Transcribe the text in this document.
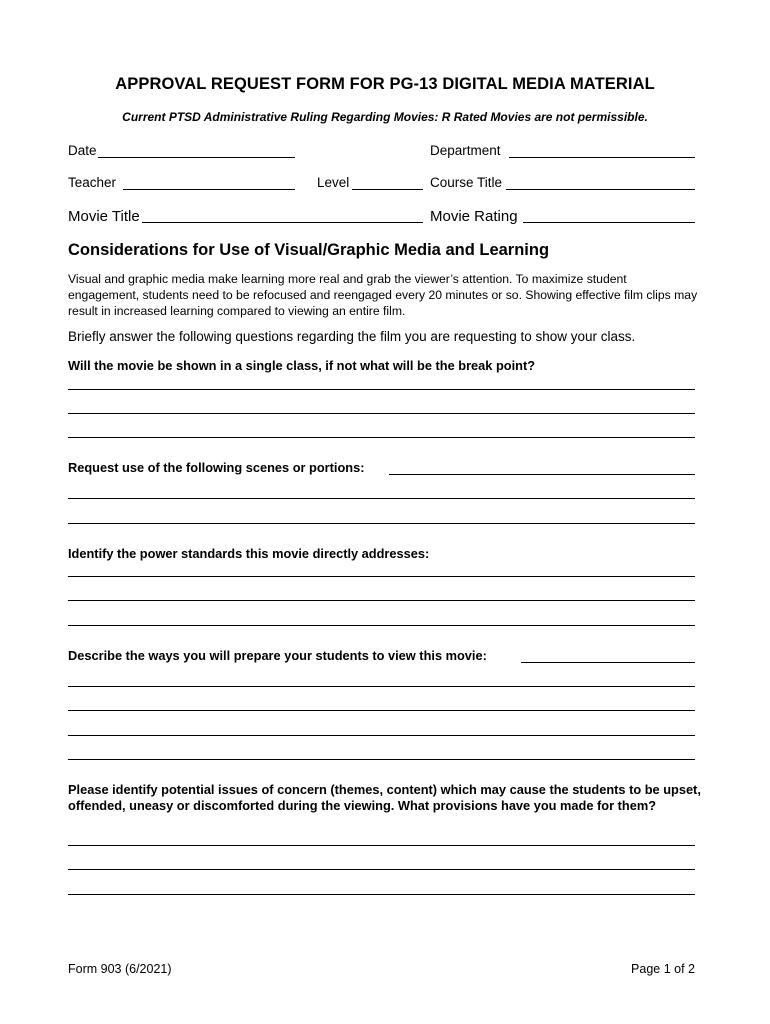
APPROVAL REQUEST FORM FOR PG-13 DIGITAL MEDIA MATERIAL
Current PTSD Administrative Ruling Regarding Movies: R Rated Movies are not permissible.
Date	Department
Teacher	Level	Course Title
Movie Title	Movie Rating
Considerations for Use of Visual/Graphic Media and Learning
Visual and graphic media make learning more real and grab the viewer’s attention. To maximize student engagement, students need to be refocused and reengaged every 20 minutes or so. Showing effective film clips may result in increased learning compared to viewing an entire film.
Briefly answer the following questions regarding the film you are requesting to show your class.
Will the movie be shown in a single class, if not what will be the break point?
Request use of the following scenes or portions:
Identify the power standards this movie directly addresses:
Describe the ways you will prepare your students to view this movie:
Please identify potential issues of concern (themes, content) which may cause the students to be upset, offended, uneasy or discomforted during the viewing. What provisions have you made for them?
Form 903 (6/2021)	Page 1 of 2
